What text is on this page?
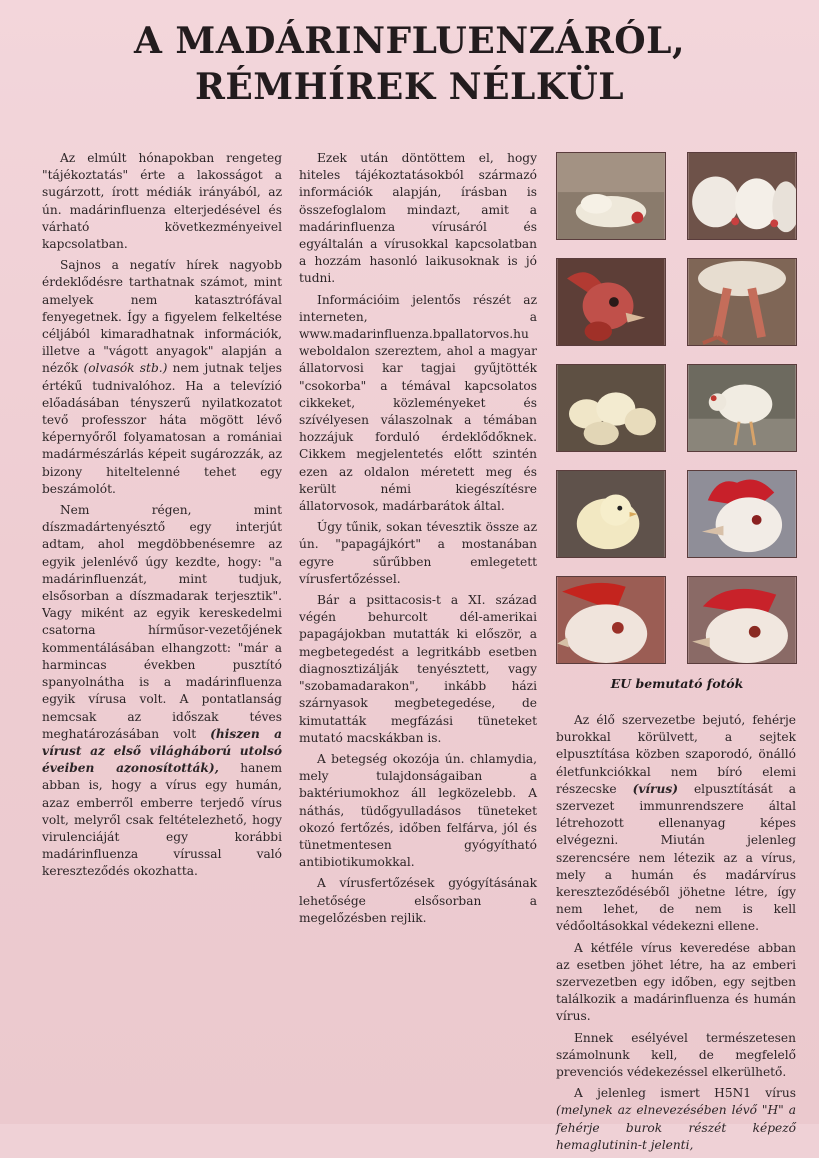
A MADÁRINFLUENZÁRÓL,
RÉMHÍREK NÉLKÜL

Az elmúlt hónapokban rengeteg "tájékoztatás" érte a lakosságot a sugárzott, írott médiák irányából, az ún. madárinfluenza elterjedésével és várható következményeivel kapcsolatban.

Sajnos a negatív hírek nagyobb érdeklődésre tarthatnak számot, mint amelyek nem katasztrófával fenyegetnek. Így a figyelem felkeltése céljából kimaradhatnak információk, illetve a "vágott anyagok" alapján a nézők (olvasók stb.) nem jutnak teljes értékű tudnivalóhoz. Ha a televízió előadásában tényszerű nyilatkozatot tevő professzor háta mögött lévő képernyőről folyamatosan a romániai madármészárlás képeit sugározzák, az bizony hiteltelenné tehet egy beszámolót.

Nem régen, mint díszmadártenyésztő egy interjút adtam, ahol megdöbbenésemre az egyik jelenlévő úgy kezdte, hogy: "a madárinfluenzát, mint tudjuk, elsősorban a díszmadarak terjesztik". Vagy miként az egyik kereskedelmi csatorna hírműsor-vezetőjének kommentálásában elhangzott: "már a harmincas években pusztító spanyolnátha is a madárinfluenza egyik vírusa volt. A pontatlanság nemcsak az időszak téves meghatározásában volt (hiszen a vírust az első világháború utolsó éveiben azonosították), hanem abban is, hogy a vírus egy humán, azaz emberről emberre terjedő vírus volt, melyről csak feltételezhető, hogy virulenciáját egy korábbi madárinfluenza vírussal való kereszteződés okozhatta.

Ezek után döntöttem el, hogy hiteles tájékoztatásokból származó információk alapján, írásban is összefoglalom mindazt, amit a madárinfluenza vírusáról és egyáltalán a vírusokkal kapcsolatban a hozzám hasonló laikusoknak is jó tudni.

Információim jelentős részét az interneten, a www.madarinfluenza.bpallatorvos.hu weboldalon szereztem, ahol a magyar állatorvosi kar tagjai gyűjtötték "csokorba" a témával kapcsolatos cikkeket, közleményeket és szívélyesen válaszolnak a témában hozzájuk forduló érdeklődőknek. Cikkem megjelentetés előtt szintén ezen az oldalon méretett meg és került némi kiegészítésre állatorvosok, madárbarátok által.

Úgy tűnik, sokan tévesztik össze az ún. "papagájkórt" a mostanában egyre sűrűbben emlegetett vírusfertőzéssel.

Bár a psittacosis-t a XI. század végén behurcolt dél-amerikai papagájokban mutatták ki először, a megbetegedést a legritkább esetben diagnosztizálják tenyésztett, vagy "szobamadarakon", inkább házi szárnyasok megbetegedése, de kimutatták megfázási tüneteket mutató macskákban is.

A betegség okozója ún. chlamydia, mely tulajdonságaiban a baktériumokhoz áll legközelebb. A náthás, tüdőgyulladásos tüneteket okozó fertőzés, időben felfárva, jól és tünetmentesen gyógyítható antibiotikumokkal.

A vírusfertőzések gyógyításának lehetősége elsősorban a megelőzésben rejlik.

EU bemutató fotók

Az élő szervezetbe bejutó, fehérje burokkal körülvett, a sejtek elpusztítása közben szaporodó, önálló életfunkciókkal nem bíró elemi részecske (vírus) elpusztítását a szervezet immunrendszere által létrehozott ellenanyag képes elvégezni. Miután jelenleg szerencsére nem létezik az a vírus, mely a humán és madárvírus kereszteződéséből jöhetne létre, így nem lehet, de nem is kell védőoltásokkal védekezni ellene.

A kétféle vírus keveredése abban az esetben jöhet létre, ha az emberi szervezetben egy időben, egy sejtben találkozik a madárinfluenza és humán vírus.

Ennek esélyével természetesen számolnunk kell, de megfelelő prevenciós védekezéssel elkerülhető.

A jelenleg ismert H5N1 vírus (melynek az elnevezésében lévő "H" a fehérje burok részét képező hemaglutinin-t jelenti,
